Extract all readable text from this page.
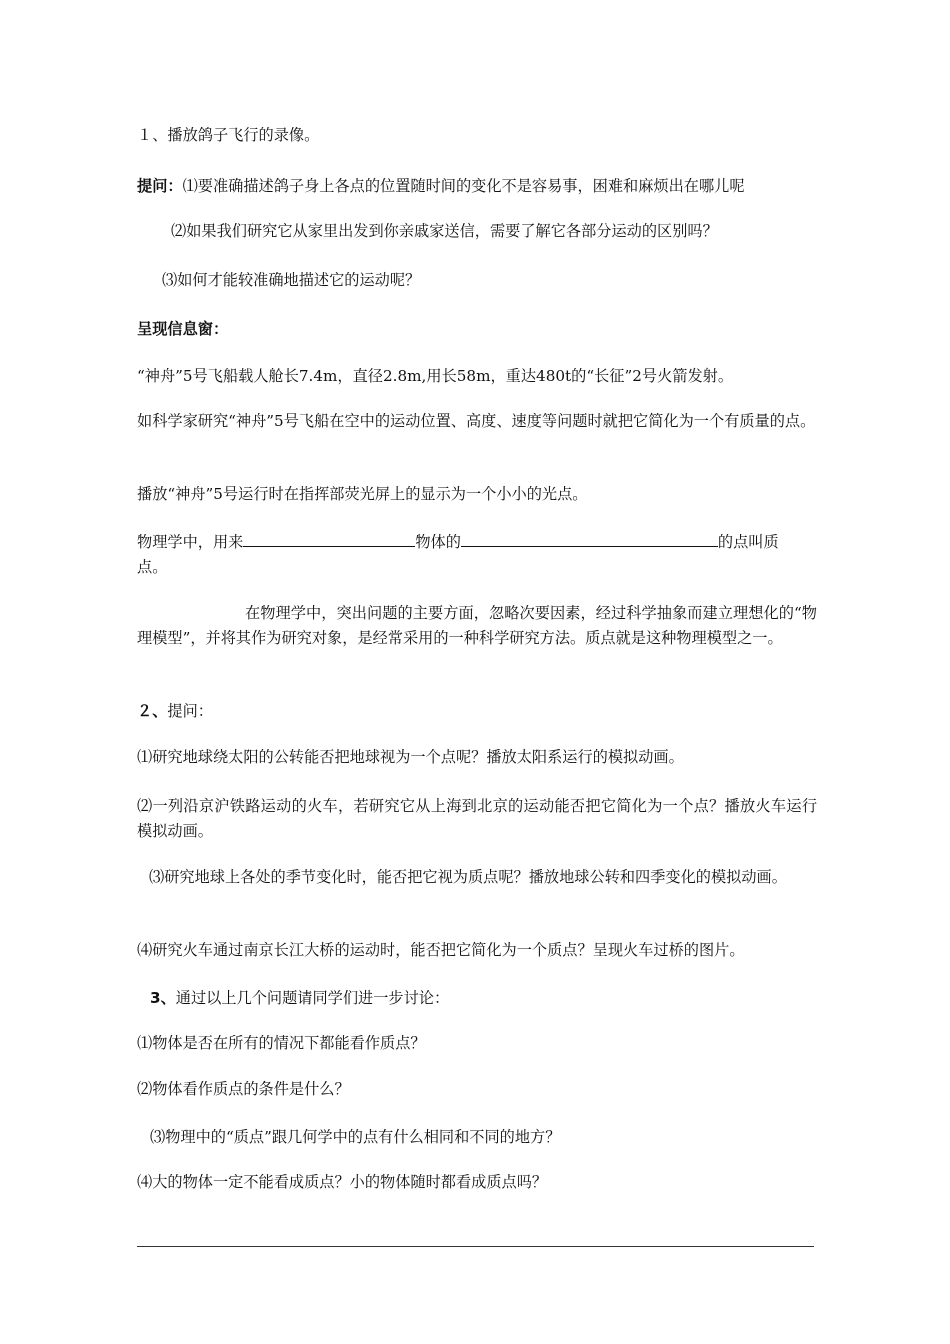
１、播放鸽子飞行的录像。
提问：⑴要准确描述鸽子身上各点的位置随时间的变化不是容易事，困难和麻烦出在哪儿呢
⑵如果我们研究它从家里出发到你亲戚家送信，需要了解它各部分运动的区别吗？
⑶如何才能较准确地描述它的运动呢？
呈现信息窗：
“神舟”5号飞船载人舱长7.4m，直径2.8m,用长58m，重达480t的“长征”2号火箭发射。
如科学家研究“神舟”5号飞船在空中的运动位置、高度、速度等问题时就把它简化为一个有质量的点。
播放“神舟”5号运行时在指挥部荧光屏上的显示为一个小小的光点。
物理学中，用来	物体的	的点叫质
点。
在物理学中，突出问题的主要方面，忽略次要因素，经过科学抽象而建立理想化的“物理模型”，并将其作为研究对象，是经常采用的一种科学研究方法。质点就是这种物理模型之一。
２、提问：
⑴研究地球绕太阳的公转能否把地球视为一个点呢？播放太阳系运行的模拟动画。
⑵一列沿京沪铁路运动的火车，若研究它从上海到北京的运动能否把它简化为一个点？播放火车运行模拟动画。
⑶研究地球上各处的季节变化时，能否把它视为质点呢？播放地球公转和四季变化的模拟动画。
⑷研究火车通过南京长江大桥的运动时，能否把它简化为一个质点？呈现火车过桥的图片。
3、通过以上几个问题请同学们进一步讨论：
⑴物体是否在所有的情况下都能看作质点？
⑵物体看作质点的条件是什么？
⑶物理中的“质点”跟几何学中的点有什么相同和不同的地方？
⑷大的物体一定不能看成质点？小的物体随时都看成质点吗？
